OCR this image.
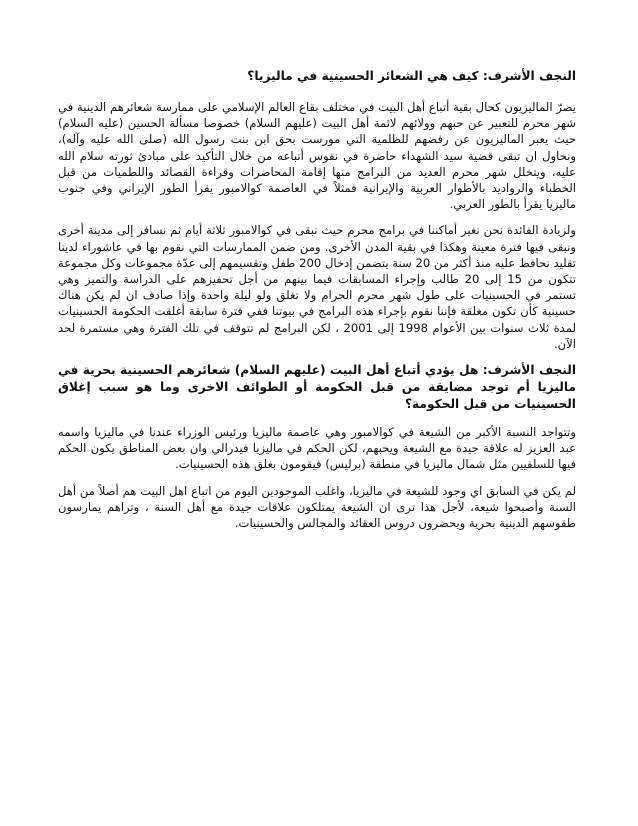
النجف الأشرف: كيف هي الشعائر الحسينية في ماليزيا؟
يصرّ الماليزيون كحال بقية أتباع أهل البيت في مختلف بقاع العالم الإسلامي على ممارسة شعائرهم الدينية في شهر محرم للتعبير عن حبهم وولائهم لائمة أهل البيت (عليهم السلام) خصوصا مسألة الحسين (عليه السلام) حيث يعبر الماليزيون عن رفضهم للظلمية التي مورست بحق ابن بنت رسول الله (صلى الله عليه وآله)، ونحاول ان تبقى قضية سيد الشهداء حاضرة في نفوس أتباعه من خلال التأكيد على مبادئ ثورته سلام الله عليه، ويتخلل شهر محرم العديد من البرامج منها إقامة المحاضرات وقراءة القصائد واللطميات من قبل الخطباء والرواديد بالأطوار العربية والإيرانية فمثلاً في العاصمة كوالامبور يقرأ الطور الإيراني وفي جنوب ماليزيا يقرأ بالطور العربي.
ولزيادة الفائدة نحن نغير أماكننا في برامج محرم حيث نبقى في كوالامبور ثلاثة أيام ثم نسافر إلى مدينة أخرى ونبقى فيها فترة معينة وهكذا في بقية المدن الأخرى. ومن ضمن الممارسات التي نقوم بها في عاشوراء لدينا تقليد نحافظ عليه منذ أكثر من 20 سنة يتضمن إدخال 200 طفل وتقسيمهم إلى عدّة مجموعات وكل مجموعة تتكون من 15 إلى 20 طالب وإجراء المسابقات فيما بينهم من أجل تحفيزهم على الدراسة والتميز وهي تستمر في الحسينيات على طول شهر محرم الحرام ولا تغلق ولو ليلة واحدة وإذا صادف ان لم يكن هناك حسينية كأن تكون مغلقة فإننا نقوم بإجراء هذه البرامج في بيوتنا ففي فترة سابقة أغلقت الحكومة الحسينيات لمدة ثلاث سنوات بين الأعوام 1998 إلى 2001 ، لكن البرامج لم تتوقف في تلك الفترة وهي مستمرة لحد الآن.
النجف الأشرف: هل يؤدي أتباع أهل البيت (عليهم السلام) شعائرهم الحسينية بحرية في ماليزيا أم توجد مضايقة من قبل الحكومة أو الطوائف الاخرى وما هو سبب إغلاق الحسينيات من قبل الحكومة؟
وتتواجد النسبة الأكبر من الشيعة في كوالامبور وهي عاصمة ماليزيا ورئيس الوزراء عندنا في ماليزيا واسمه عبد العزيز له علاقة جيدة مع الشيعة ويحبهم، لكن الحكم في ماليزيا فيدرالي وان بعض المناطق يكون الحكم فيها للسلفيين مثل شمال ماليزيا في منطقة (برليس) فيقومون بغلق هذه الحسينيات.
لم يكن في السابق اي وجود للشيعة في ماليزيا، واغلب الموجودين اليوم من اتباع اهل البيت هم أصلاً من أهل السنة وأصبحوا شيعة، لأجل هذا ترى ان الشيعة يمتلكون علاقات جيدة مع أهل السنة ، وتراهم يمارسون طقوسهم الدينية بحرية ويحضرون دروس العقائد والمجالس والحسينيات.
